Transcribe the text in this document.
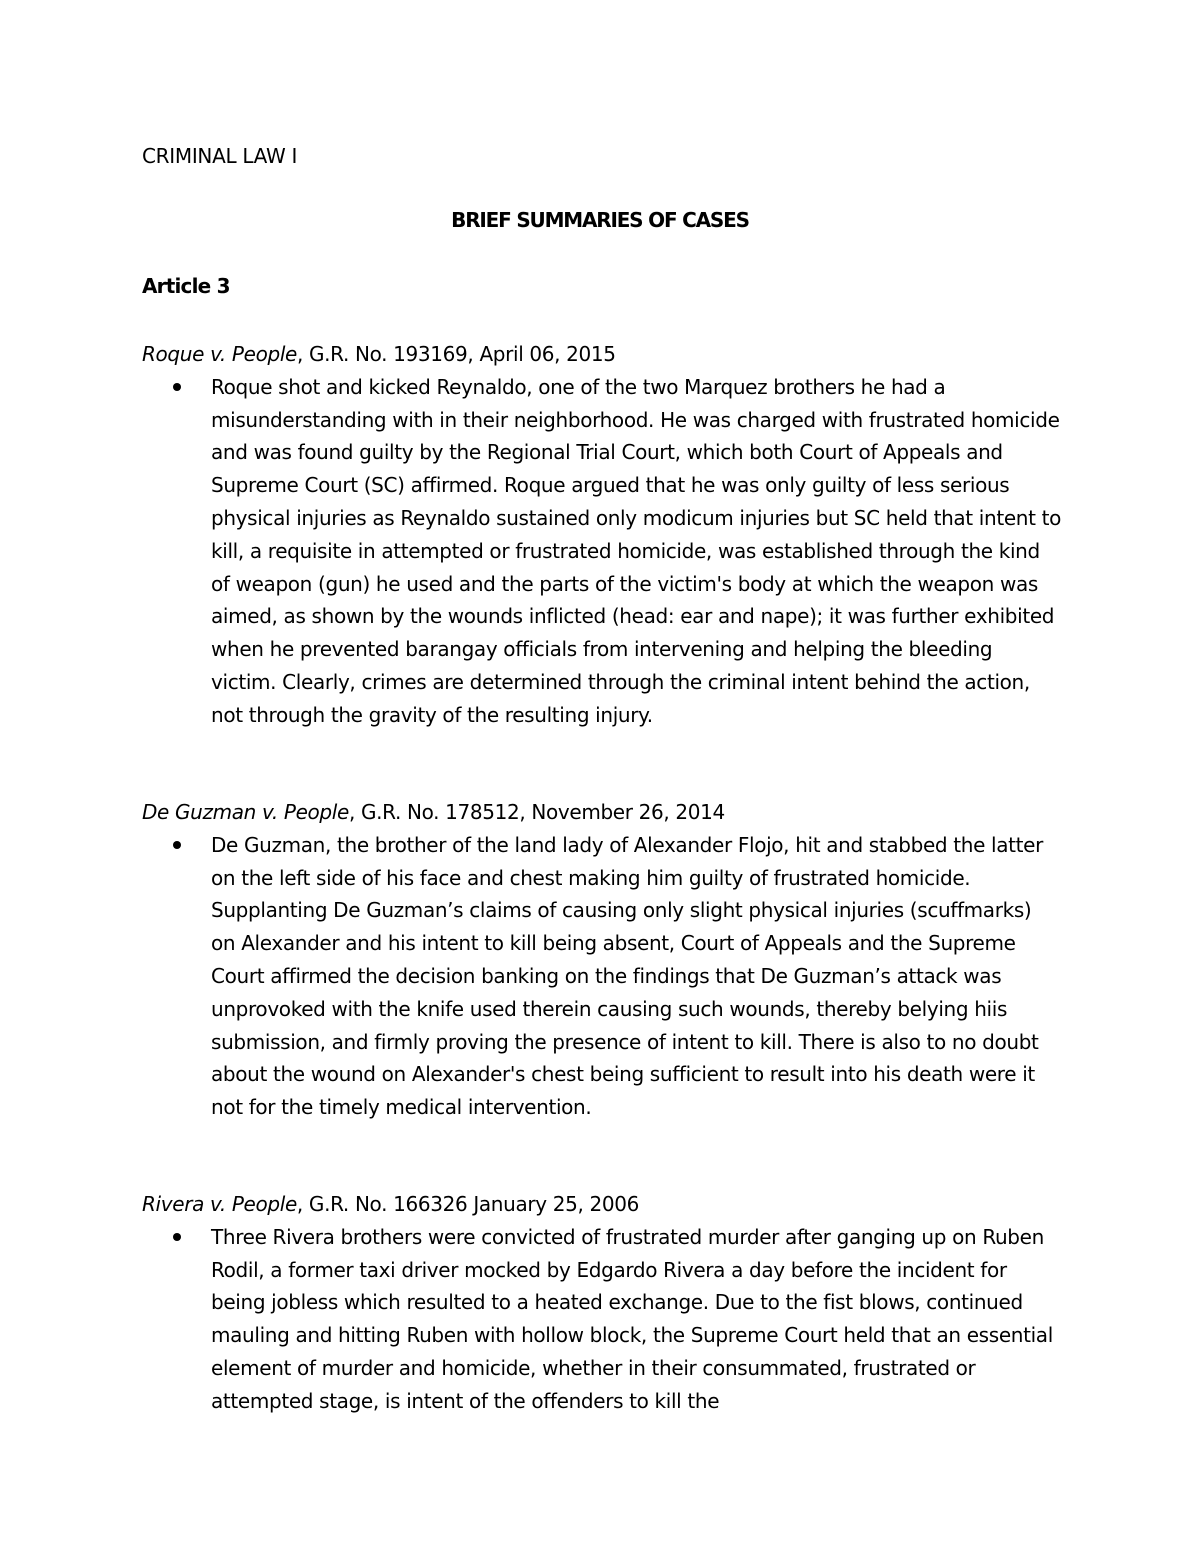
CRIMINAL LAW I

BRIEF SUMMARIES OF CASES
Article 3

Roque v. People, G.R. No. 193169, April 06, 2015

Roque shot and kicked Reynaldo, one of the two Marquez brothers he had a misunderstanding with in their neighborhood. He was charged with frustrated homicide and was found guilty by the Regional Trial Court, which both Court of Appeals and Supreme Court (SC) affirmed. Roque argued that he was only guilty of less serious physical injuries as Reynaldo sustained only modicum injuries but SC held that intent to kill, a requisite in attempted or frustrated homicide, was established through the kind of weapon (gun) he used and the parts of the victim's body at which the weapon was aimed, as shown by the wounds inflicted (head: ear and nape); it was further exhibited when he prevented barangay officials from intervening and helping the bleeding victim. Clearly, crimes are determined through the criminal intent behind the action, not through the gravity of the resulting injury.

De Guzman v. People, G.R. No. 178512, November 26, 2014

De Guzman, the brother of the land lady of Alexander Flojo, hit and stabbed the latter on the left side of his face and chest making him guilty of frustrated homicide. Supplanting De Guzman’s claims of causing only slight physical injuries (scuffmarks) on Alexander and his intent to kill being absent, Court of Appeals and the Supreme Court affirmed the decision banking on the findings that De Guzman’s attack was unprovoked with the knife used therein causing such wounds, thereby belying hiis submission, and firmly proving the presence of intent to kill. There is also to no doubt about the wound on Alexander's chest being sufficient to result into his death were it not for the timely medical intervention.

Rivera v. People, G.R. No. 166326 January 25, 2006

Three Rivera brothers were convicted of frustrated murder after ganging up on Ruben Rodil, a former taxi driver mocked by Edgardo Rivera a day before the incident for being jobless which resulted to a heated exchange. Due to the fist blows, continued mauling and hitting Ruben with hollow block, the Supreme Court held that an essential element of murder and homicide, whether in their consummated, frustrated or attempted stage, is intent of the offenders to kill the
